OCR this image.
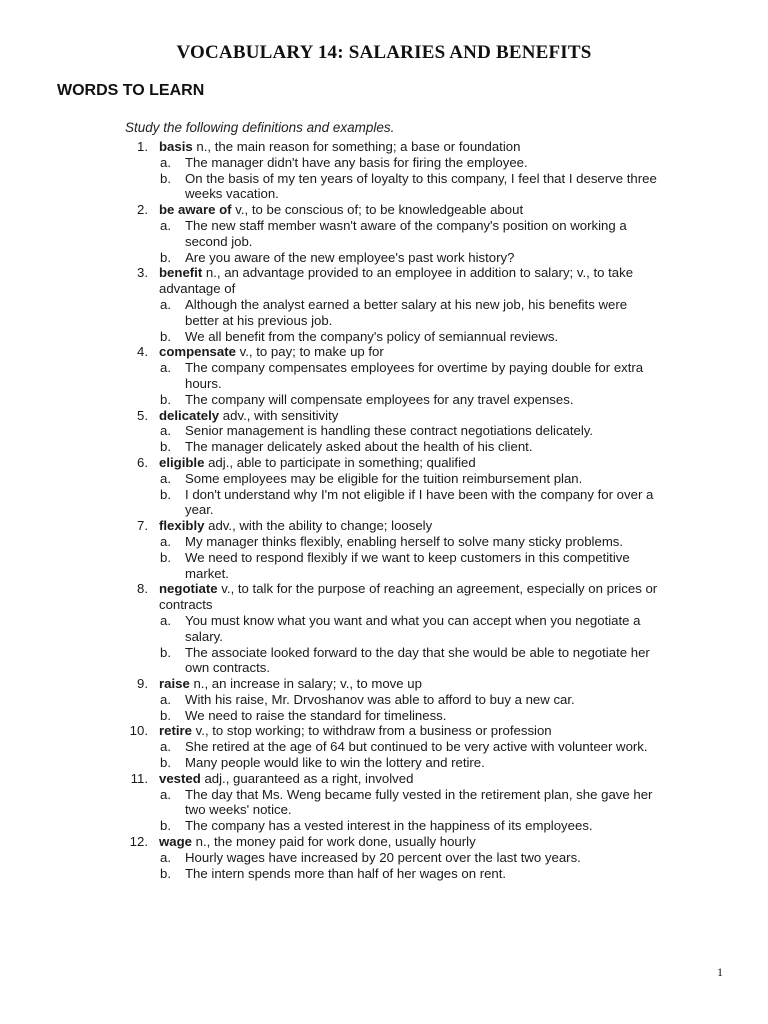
VOCABULARY 14: SALARIES AND BENEFITS
WORDS TO LEARN
Study the following definitions and examples.
1. basis n., the main reason for something; a base or foundation
a. The manager didn't have any basis for firing the employee.
b. On the basis of my ten years of loyalty to this company, I feel that I deserve three weeks vacation.
2. be aware of v., to be conscious of; to be knowledgeable about
a. The new staff member wasn't aware of the company's position on working a second job.
b. Are you aware of the new employee's past work history?
3. benefit n., an advantage provided to an employee in addition to salary; v., to take advantage of
a. Although the analyst earned a better salary at his new job, his benefits were better at his previous job.
b. We all benefit from the company's policy of semiannual reviews.
4. compensate v., to pay; to make up for
a. The company compensates employees for overtime by paying double for extra hours.
b. The company will compensate employees for any travel expenses.
5. delicately adv., with sensitivity
a. Senior management is handling these contract negotiations delicately.
b. The manager delicately asked about the health of his client.
6. eligible adj., able to participate in something; qualified
a. Some employees may be eligible for the tuition reimbursement plan.
b. I don't understand why I'm not eligible if I have been with the company for over a year.
7. flexibly adv., with the ability to change; loosely
a. My manager thinks flexibly, enabling herself to solve many sticky problems.
b. We need to respond flexibly if we want to keep customers in this competitive market.
8. negotiate v., to talk for the purpose of reaching an agreement, especially on prices or contracts
a. You must know what you want and what you can accept when you negotiate a salary.
b. The associate looked forward to the day that she would be able to negotiate her own contracts.
9. raise n., an increase in salary; v., to move up
a. With his raise, Mr. Drvoshanov was able to afford to buy a new car.
b. We need to raise the standard for timeliness.
10. retire v., to stop working; to withdraw from a business or profession
a. She retired at the age of 64 but continued to be very active with volunteer work.
b. Many people would like to win the lottery and retire.
11. vested adj., guaranteed as a right, involved
a. The day that Ms. Weng became fully vested in the retirement plan, she gave her two weeks' notice.
b. The company has a vested interest in the happiness of its employees.
12. wage n., the money paid for work done, usually hourly
a. Hourly wages have increased by 20 percent over the last two years.
b. The intern spends more than half of her wages on rent.
1
